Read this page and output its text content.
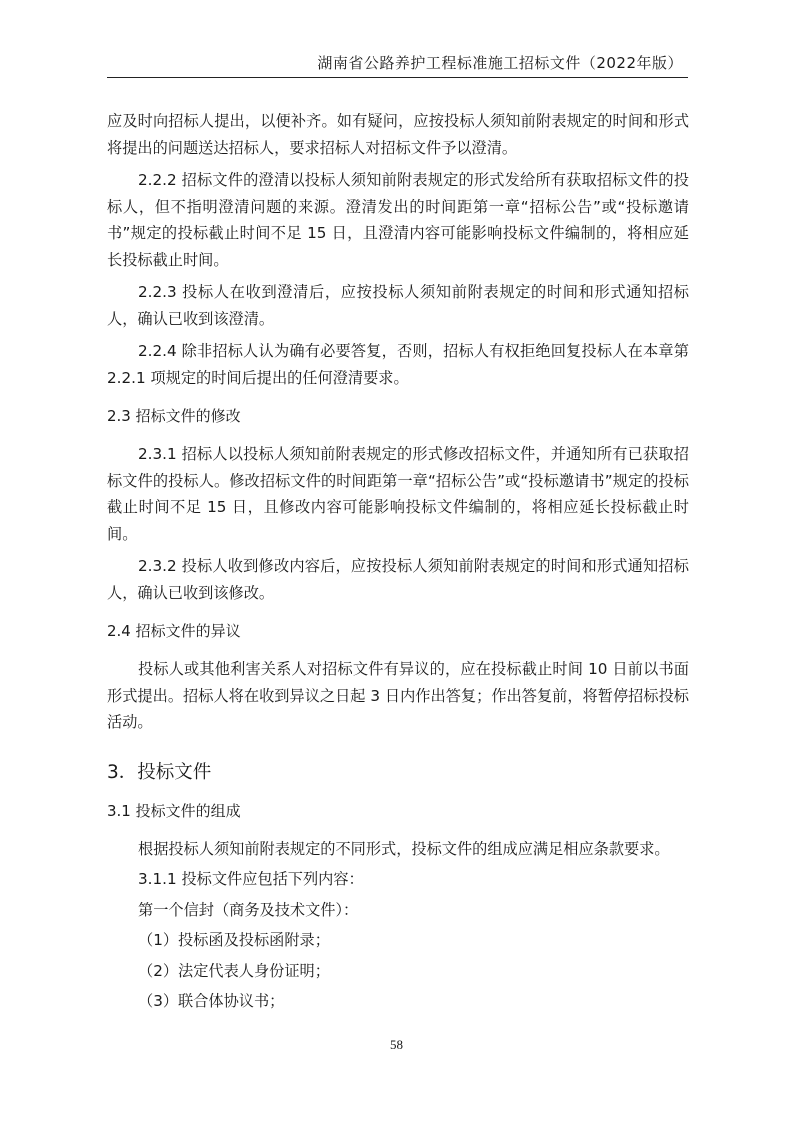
湖南省公路养护工程标准施工招标文件（2022年版）

应及时向招标人提出，以便补齐。如有疑问，应按投标人须知前附表规定的时间和形式将提出的问题送达招标人，要求招标人对招标文件予以澄清。

2.2.2 招标文件的澄清以投标人须知前附表规定的形式发给所有获取招标文件的投标人，但不指明澄清问题的来源。澄清发出的时间距第一章“招标公告”或“投标邀请书”规定的投标截止时间不足 15 日，且澄清内容可能影响投标文件编制的，将相应延长投标截止时间。

2.2.3 投标人在收到澄清后，应按投标人须知前附表规定的时间和形式通知招标人，确认已收到该澄清。

2.2.4 除非招标人认为确有必要答复，否则，招标人有权拒绝回复投标人在本章第 2.2.1 项规定的时间后提出的任何澄清要求。

2.3 招标文件的修改

2.3.1 招标人以投标人须知前附表规定的形式修改招标文件，并通知所有已获取招标文件的投标人。修改招标文件的时间距第一章“招标公告”或“投标邀请书”规定的投标截止时间不足 15 日，且修改内容可能影响投标文件编制的，将相应延长投标截止时间。

2.3.2 投标人收到修改内容后，应按投标人须知前附表规定的时间和形式通知招标人，确认已收到该修改。

2.4 招标文件的异议

投标人或其他利害关系人对招标文件有异议的，应在投标截止时间 10 日前以书面形式提出。招标人将在收到异议之日起 3 日内作出答复；作出答复前，将暂停招标投标活动。

3．投标文件

3.1 投标文件的组成

根据投标人须知前附表规定的不同形式，投标文件的组成应满足相应条款要求。

3.1.1 投标文件应包括下列内容：

第一个信封（商务及技术文件）：

（1）投标函及投标函附录；

（2）法定代表人身份证明；

（3）联合体协议书；

58
